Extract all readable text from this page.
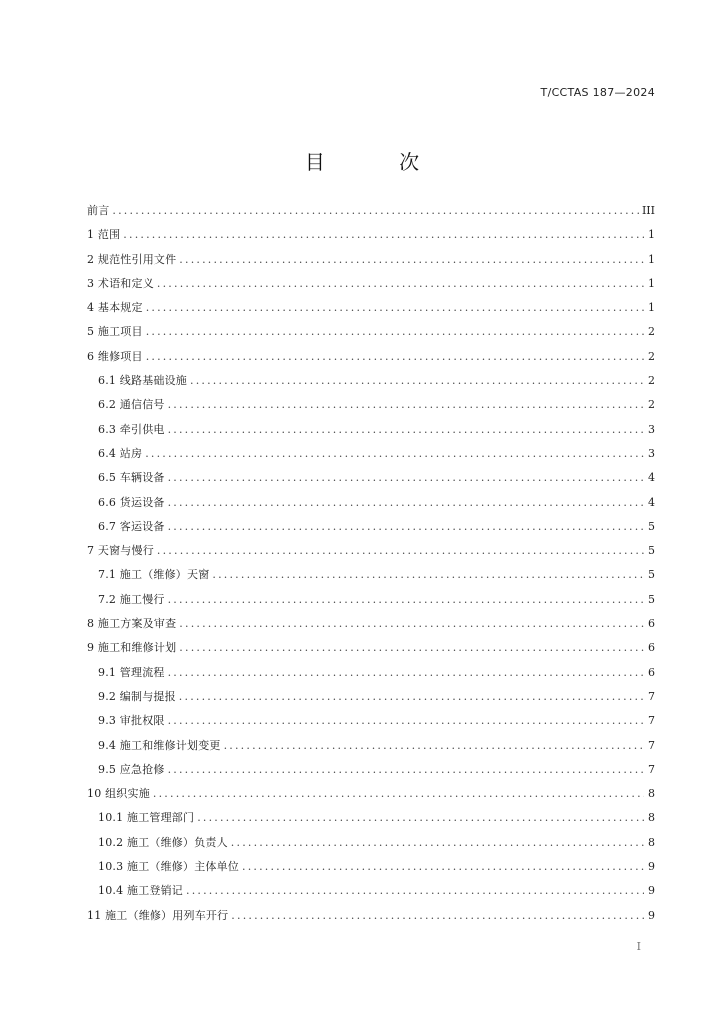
T/CCTAS 187—2024
目 次
前言 .....	III
1 范围 .....	1
2 规范性引用文件 .....	1
3 术语和定义 .....	1
4 基本规定 .....	1
5 施工项目 .....	2
6 维修项目 .....	2
6.1 线路基础设施 .....	2
6.2 通信信号 .....	2
6.3 牵引供电 .....	3
6.4 站房 .....	3
6.5 车辆设备 .....	4
6.6 货运设备 .....	4
6.7 客运设备 .....	5
7 天窗与慢行 .....	5
7.1 施工（维修）天窗 .....	5
7.2 施工慢行 .....	5
8 施工方案及审查 .....	6
9 施工和维修计划 .....	6
9.1 管理流程 .....	6
9.2 编制与提报 .....	7
9.3 审批权限 .....	7
9.4 施工和维修计划变更 .....	7
9.5 应急抢修 .....	7
10 组织实施 .....	8
10.1 施工管理部门 .....	8
10.2 施工（维修）负责人 .....	8
10.3 施工（维修）主体单位 .....	9
10.4 施工登销记 .....	9
11 施工（维修）用列车开行 .....	9
I
